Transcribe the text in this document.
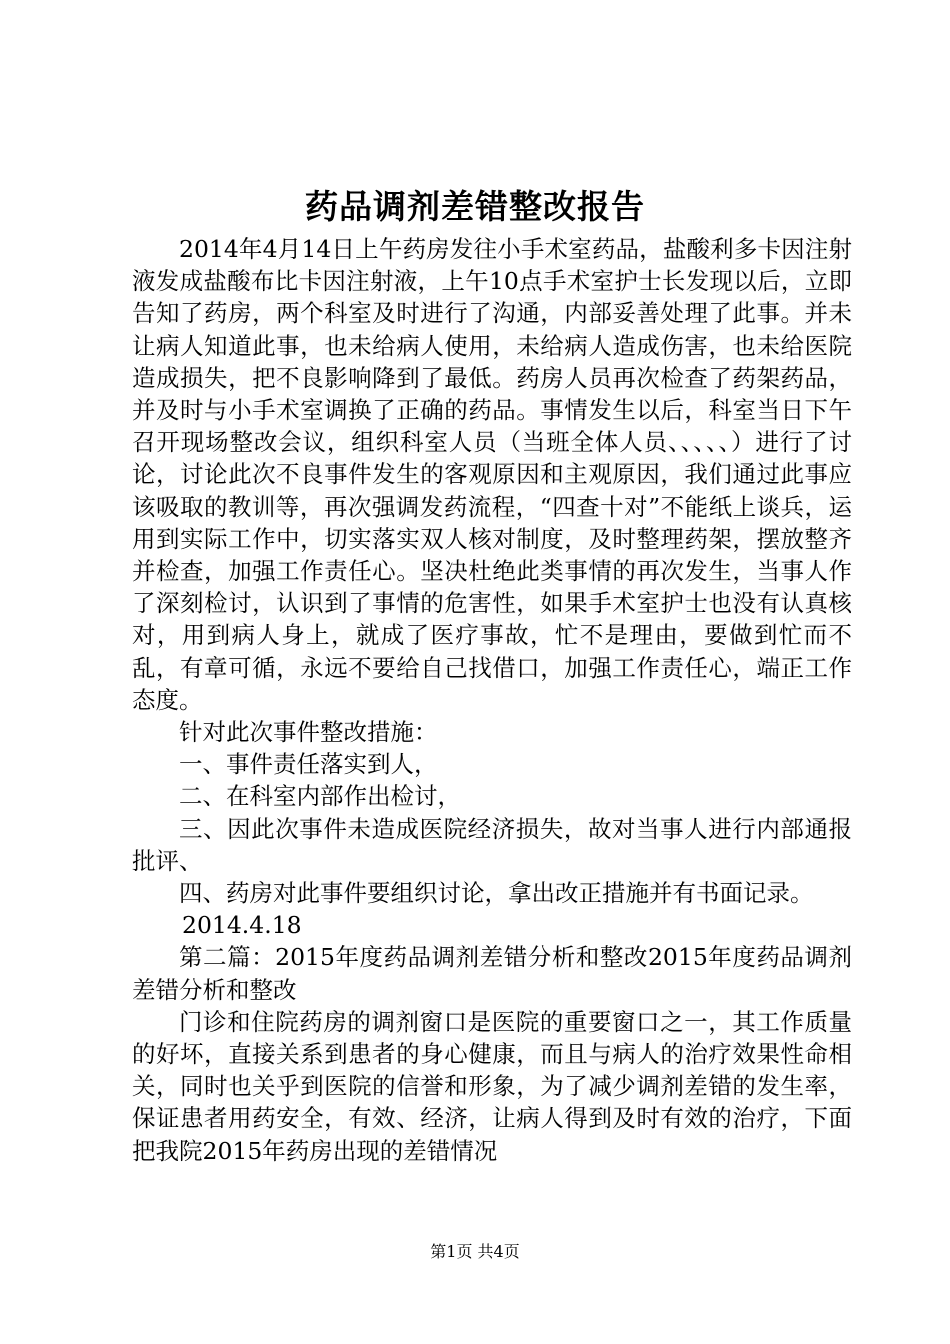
药品调剂差错整改报告

2014年4月14日上午药房发往小手术室药品，盐酸利多卡因注射液发成盐酸布比卡因注射液，上午10点手术室护士长发现以后，立即告知了药房，两个科室及时进行了沟通，内部妥善处理了此事。并未让病人知道此事，也未给病人使用，未给病人造成伤害，也未给医院造成损失，把不良影响降到了最低。药房人员再次检查了药架药品，并及时与小手术室调换了正确的药品。事情发生以后，科室当日下午召开现场整改会议，组织科室人员（当班全体人员、、、、、）进行了讨论，讨论此次不良事件发生的客观原因和主观原因，我们通过此事应该吸取的教训等，再次强调发药流程，“四查十对”不能纸上谈兵，运用到实际工作中，切实落实双人核对制度，及时整理药架，摆放整齐并检查，加强工作责任心。坚决杜绝此类事情的再次发生，当事人作了深刻检讨，认识到了事情的危害性，如果手术室护士也没有认真核对，用到病人身上，就成了医疗事故，忙不是理由，要做到忙而不乱，有章可循，永远不要给自己找借口，加强工作责任心，端正工作态度。

针对此次事件整改措施：

一、事件责任落实到人，

二、在科室内部作出检讨，

三、因此次事件未造成医院经济损失，故对当事人进行内部通报批评、

四、药房对此事件要组织讨论，拿出改正措施并有书面记录。

2014.4.18

第二篇：2015年度药品调剂差错分析和整改2015年度药品调剂差错分析和整改

门诊和住院药房的调剂窗口是医院的重要窗口之一，其工作质量的好坏，直接关系到患者的身心健康，而且与病人的治疗效果性命相关，同时也关乎到医院的信誉和形象，为了减少调剂差错的发生率，保证患者用药安全，有效、经济，让病人得到及时有效的治疗，下面把我院2015年药房出现的差错情况

第1页 共4页
